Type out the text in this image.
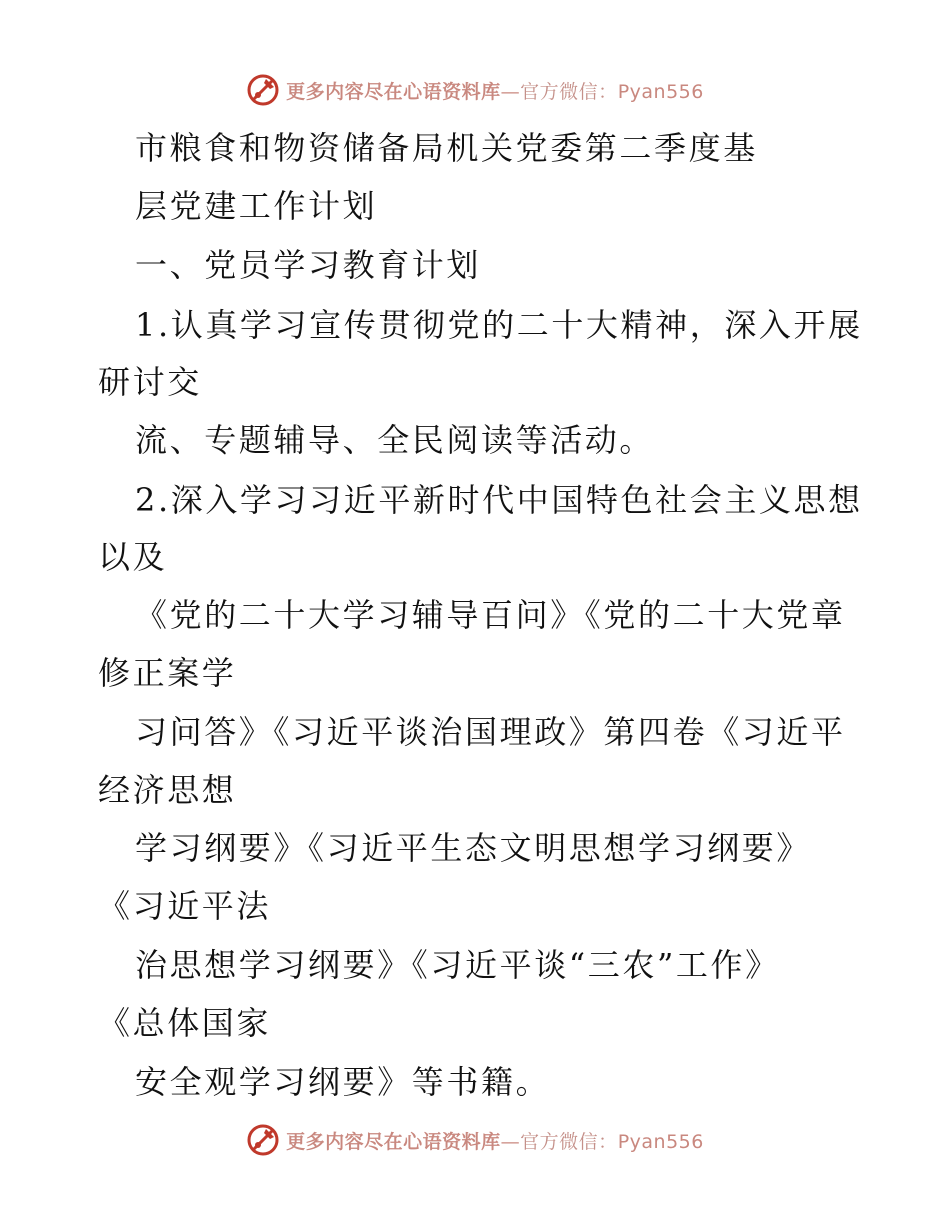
更多内容尽在心语资料库—官方微信：Pyan556
市粮食和物资储备局机关党委第二季度基
层党建工作计划
一、党员学习教育计划
1.认真学习宣传贯彻党的二十大精神，深入开展
研讨交
流、专题辅导、全民阅读等活动。
2.深入学习习近平新时代中国特色社会主义思想
以及
《党的二十大学习辅导百问》《党的二十大党章
修正案学
习问答》《习近平谈治国理政》第四卷《习近平
经济思想
学习纲要》《习近平生态文明思想学习纲要》
《习近平法
治思想学习纲要》《习近平谈“三农”工作》
《总体国家
安全观学习纲要》等书籍。
更多内容尽在心语资料库—官方微信：Pyan556
